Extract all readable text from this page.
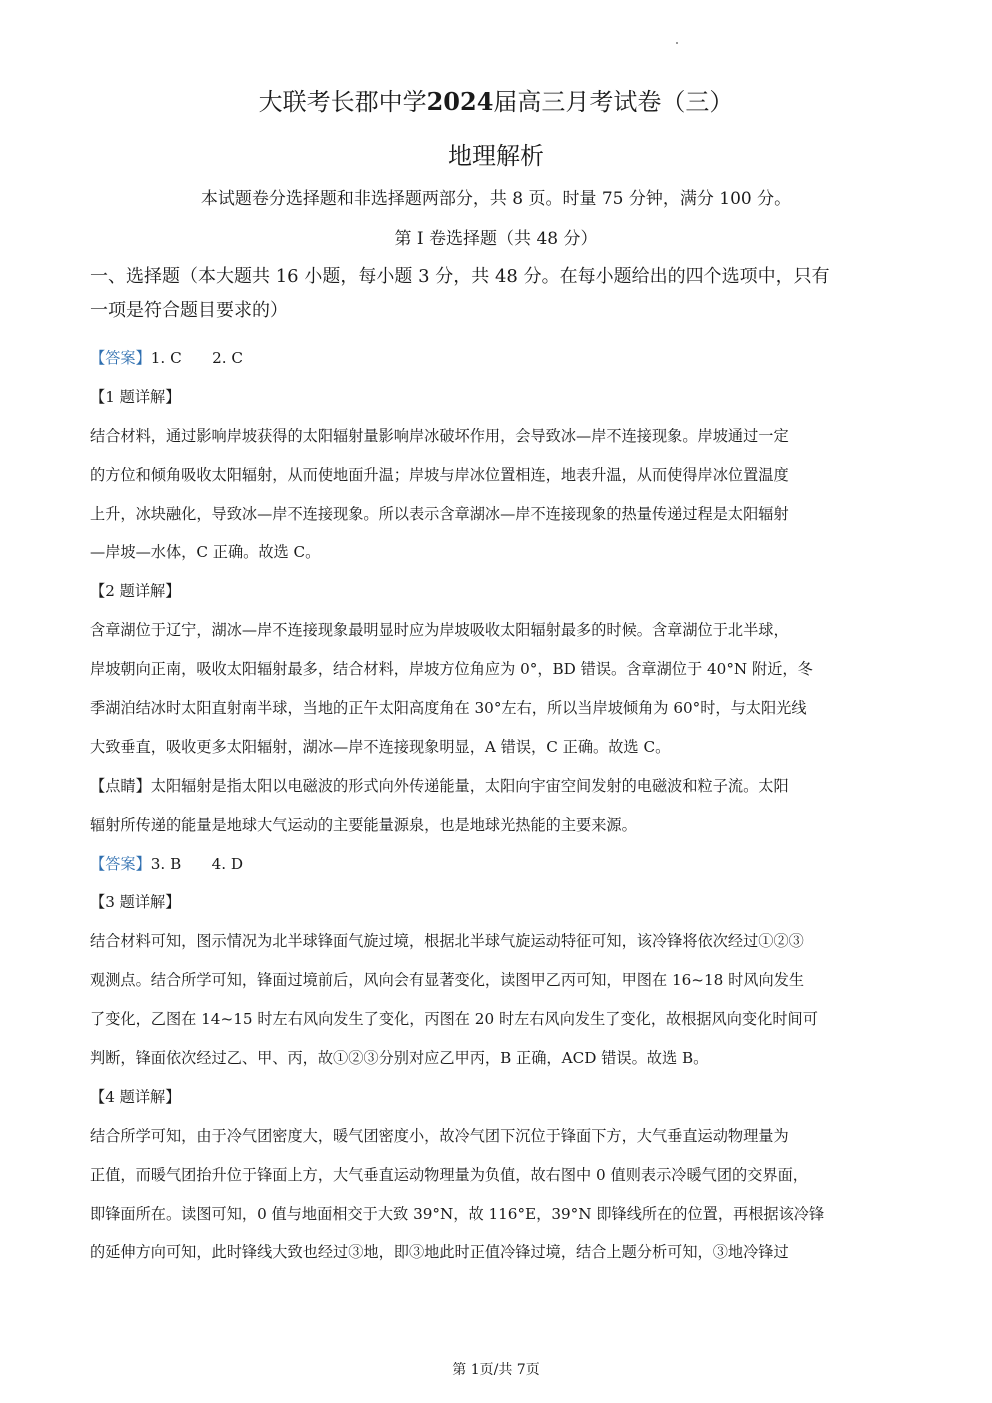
大联考长郡中学2024届高三月考试卷（三）
地理解析
本试题卷分选择题和非选择题两部分，共 8 页。时量 75 分钟，满分 100 分。
第 I 卷选择题（共 48 分）
一、选择题（本大题共 16 小题，每小题 3 分，共 48 分。在每小题给出的四个选项中，只有
一项是符合题目要求的）
【答案】1. C　　2. C
【1 题详解】
结合材料，通过影响岸坡获得的太阳辐射量影响岸冰破坏作用，会导致冰—岸不连接现象。岸坡通过一定
的方位和倾角吸收太阳辐射，从而使地面升温；岸坡与岸冰位置相连，地表升温，从而使得岸冰位置温度
上升，冰块融化，导致冰—岸不连接现象。所以表示含章湖冰—岸不连接现象的热量传递过程是太阳辐射
—岸坡—水体，C 正确。故选 C。
【2 题详解】
含章湖位于辽宁，湖冰—岸不连接现象最明显时应为岸坡吸收太阳辐射最多的时候。含章湖位于北半球，
岸坡朝向正南，吸收太阳辐射最多，结合材料，岸坡方位角应为 0°，BD 错误。含章湖位于 40°N 附近，冬
季湖泊结冰时太阳直射南半球，当地的正午太阳高度角在 30°左右，所以当岸坡倾角为 60°时，与太阳光线
大致垂直，吸收更多太阳辐射，湖冰—岸不连接现象明显，A 错误，C 正确。故选 C。
【点睛】太阳辐射是指太阳以电磁波的形式向外传递能量，太阳向宇宙空间发射的电磁波和粒子流。太阳
辐射所传递的能量是地球大气运动的主要能量源泉，也是地球光热能的主要来源。
【答案】3. B　　4. D
【3 题详解】
结合材料可知，图示情况为北半球锋面气旋过境，根据北半球气旋运动特征可知，该冷锋将依次经过①②③
观测点。结合所学可知，锋面过境前后，风向会有显著变化，读图甲乙丙可知，甲图在 16~18 时风向发生
了变化，乙图在 14~15 时左右风向发生了变化，丙图在 20 时左右风向发生了变化，故根据风向变化时间可
判断，锋面依次经过乙、甲、丙，故①②③分别对应乙甲丙，B 正确，ACD 错误。故选 B。
【4 题详解】
结合所学可知，由于冷气团密度大，暖气团密度小，故冷气团下沉位于锋面下方，大气垂直运动物理量为
正值，而暖气团抬升位于锋面上方，大气垂直运动物理量为负值，故右图中 0 值则表示冷暖气团的交界面，
即锋面所在。读图可知，0 值与地面相交于大致 39°N，故 116°E，39°N 即锋线所在的位置，再根据该冷锋
的延伸方向可知，此时锋线大致也经过③地，即③地此时正值冷锋过境，结合上题分析可知，③地冷锋过
第 1页/共 7页
